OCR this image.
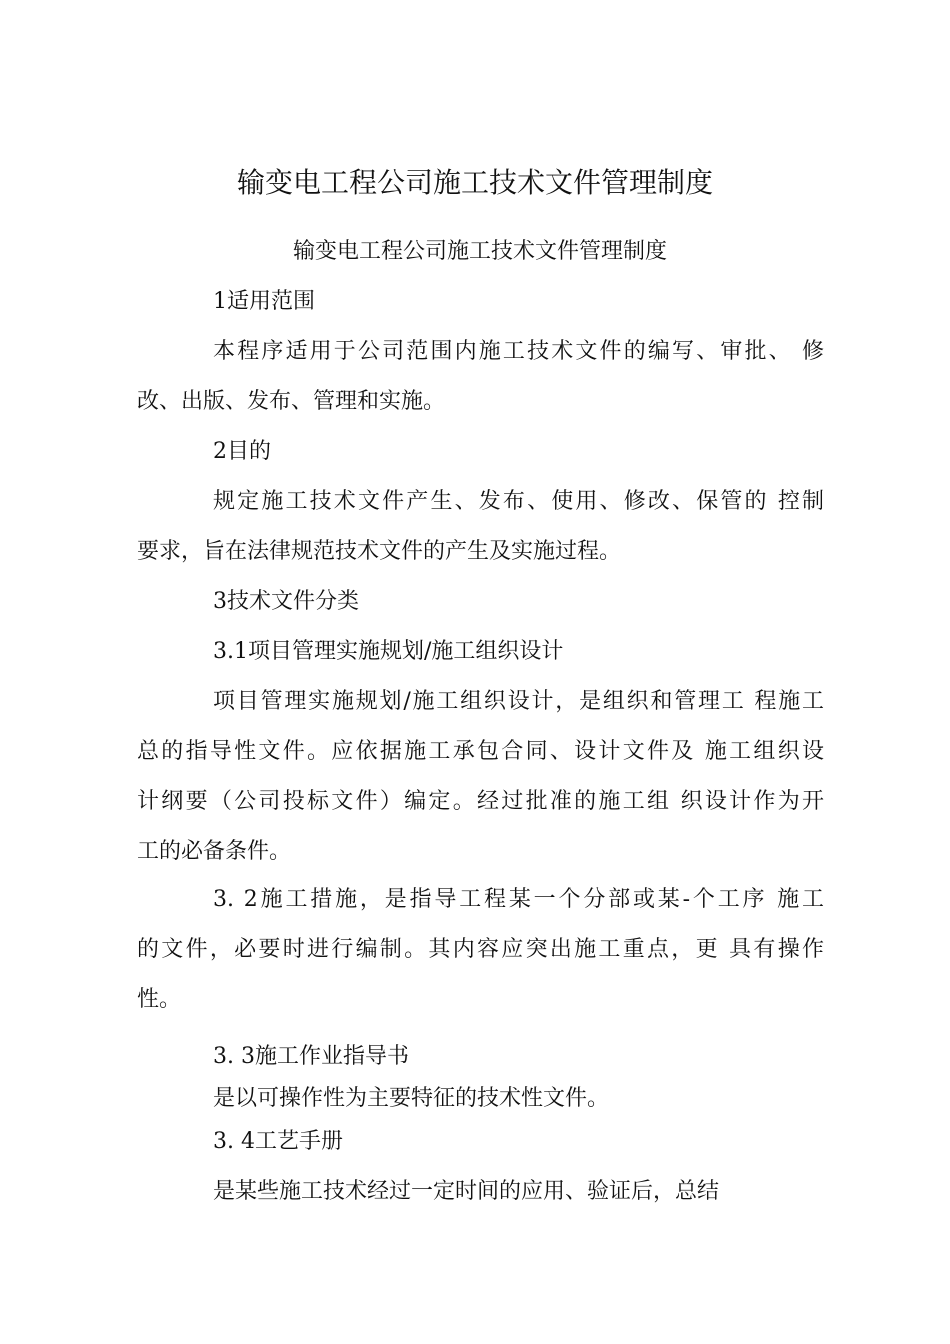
输变电工程公司施工技术文件管理制度
输变电工程公司施工技术文件管理制度
1适用范围
本程序适用于公司范围内施工技术文件的编写、审批、 修
改、出版、发布、管理和实施。
2目的
规定施工技术文件产生、发布、使用、修改、保管的 控制
要求，旨在法律规范技术文件的产生及实施过程。
3技术文件分类
3.1项目管理实施规划/施工组织设计
项目管理实施规划/施工组织设计，是组织和管理工 程施工
总的指导性文件。应依据施工承包合同、设计文件及 施工组织设
计纲要（公司投标文件）编定。经过批准的施工组 织设计作为开
工的必备条件。
3. 2施工措施，是指导工程某一个分部或某-个工序 施工
的文件，必要时进行编制。其内容应突出施工重点，更 具有操作
性。
3. 3施工作业指导书
是以可操作性为主要特征的技术性文件。
3. 4工艺手册
是某些施工技术经过一定时间的应用、验证后，总结
